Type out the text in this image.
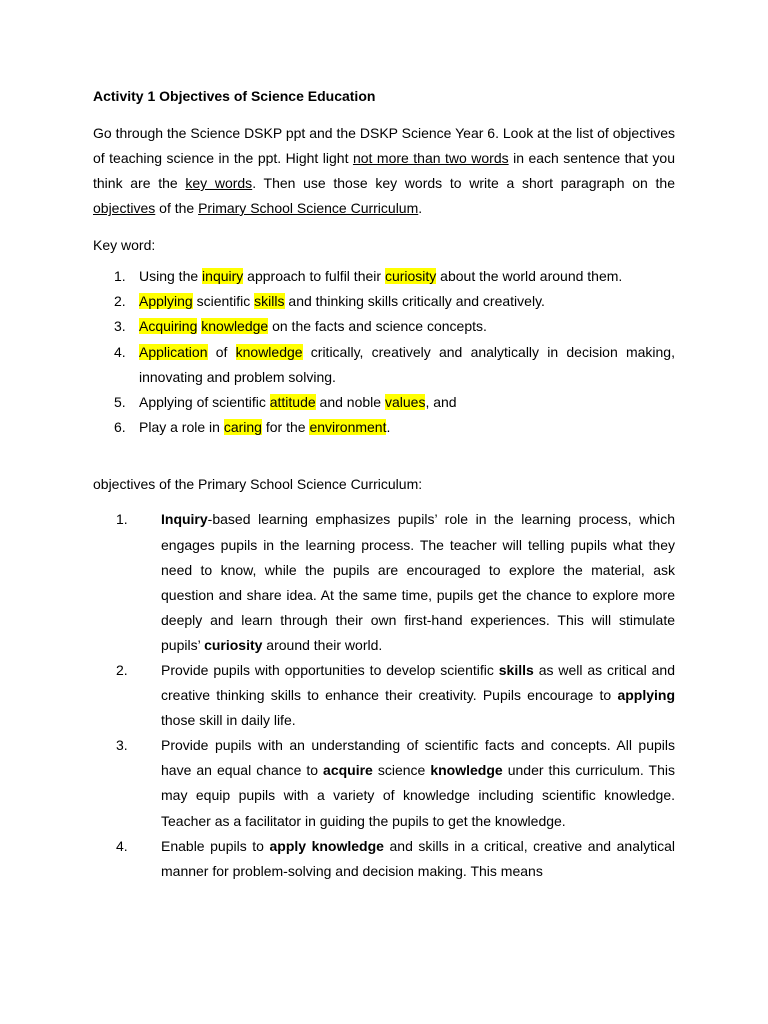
Activity 1 Objectives of Science Education

Go through the Science DSKP ppt and the DSKP Science Year 6. Look at the list of objectives of teaching science in the ppt. Hight light not more than two words in each sentence that you think are the key words. Then use those key words to write a short paragraph on the objectives of the Primary School Science Curriculum.

Key word:
1. Using the inquiry approach to fulfil their curiosity about the world around them.
2. Applying scientific skills and thinking skills critically and creatively.
3. Acquiring knowledge on the facts and science concepts.
4. Application of knowledge critically, creatively and analytically in decision making, innovating and problem solving.
5. Applying of scientific attitude and noble values, and
6. Play a role in caring for the environment.
objectives of the Primary School Science Curriculum:
1. Inquiry-based learning emphasizes pupils’ role in the learning process, which engages pupils in the learning process. The teacher will telling pupils what they need to know, while the pupils are encouraged to explore the material, ask question and share idea. At the same time, pupils get the chance to explore more deeply and learn through their own first-hand experiences. This will stimulate pupils’ curiosity around their world.
2. Provide pupils with opportunities to develop scientific skills as well as critical and creative thinking skills to enhance their creativity. Pupils encourage to applying those skill in daily life.
3. Provide pupils with an understanding of scientific facts and concepts. All pupils have an equal chance to acquire science knowledge under this curriculum. This may equip pupils with a variety of knowledge including scientific knowledge. Teacher as a facilitator in guiding the pupils to get the knowledge.
4. Enable pupils to apply knowledge and skills in a critical, creative and analytical manner for problem-solving and decision making. This means
